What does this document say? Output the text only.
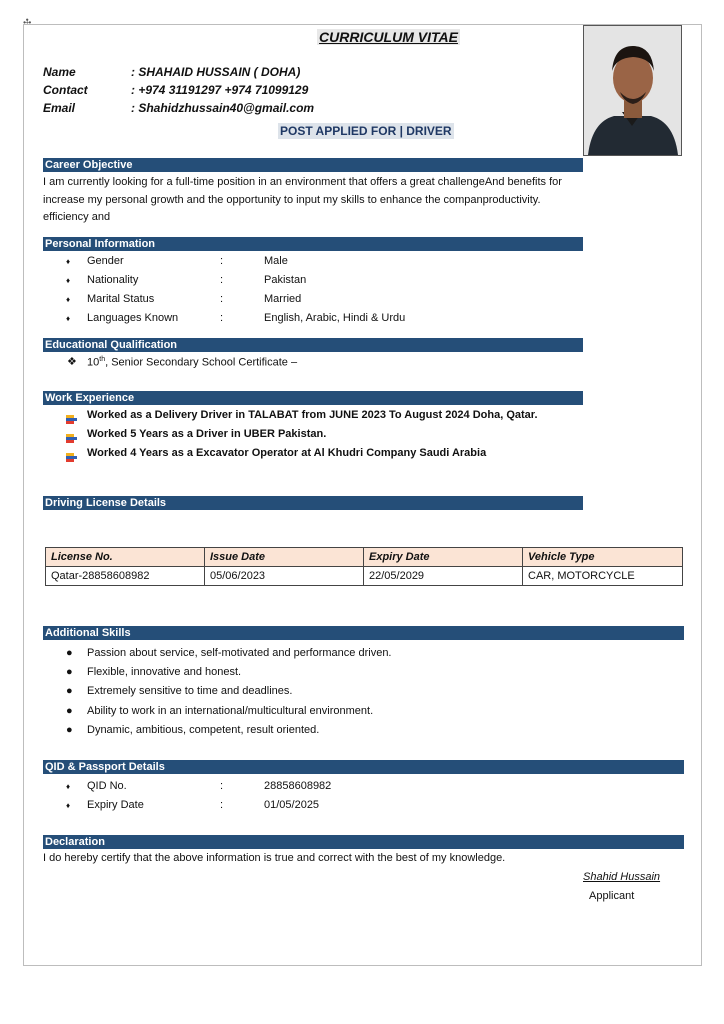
CURRICULUM VITAE
Name	: SHAHAID HUSSAIN ( DOHA)
Contact	: +974 31191297 +974 71099129
Email	: Shahidzhussain40@gmail.com
POST APPLIED FOR | DRIVER
Career Objective
I am currently looking for a full-time position in an environment that offers a great challengeAnd benefits for
increase my personal growth and the opportunity to input my skills to enhance the companproductivity.
efficiency and
Personal Information
♦ Gender	:	Male
♦ Nationality	:	Pakistan
♦ Marital Status	:	Married
♦ Languages Known	:	English, Arabic, Hindi & Urdu
Educational Qualification
❖ 10th, Senior Secondary School Certificate –
Work Experience
Worked as a Delivery Driver in TALABAT from JUNE 2023 To August 2024 Doha, Qatar.
Worked 5 Years as a Driver in UBER Pakistan.
Worked 4 Years as a Excavator Operator at Al Khudri Company Saudi Arabia
Driving License Details
License No.	Issue Date	Expiry Date	Vehicle Type
Qatar-28858608982	05/06/2023	22/05/2029	CAR, MOTORCYCLE
Additional Skills
● Passion about service, self-motivated and performance driven.
● Flexible, innovative and honest.
● Extremely sensitive to time and deadlines.
● Ability to work in an international/multicultural environment.
● Dynamic, ambitious, competent, result oriented.
QID & Passport Details
♦ QID No.	:	28858608982
♦ Expiry Date	:	01/05/2025
Declaration
I do hereby certify that the above information is true and correct with the best of my knowledge.
Shahid Hussain
Applicant
